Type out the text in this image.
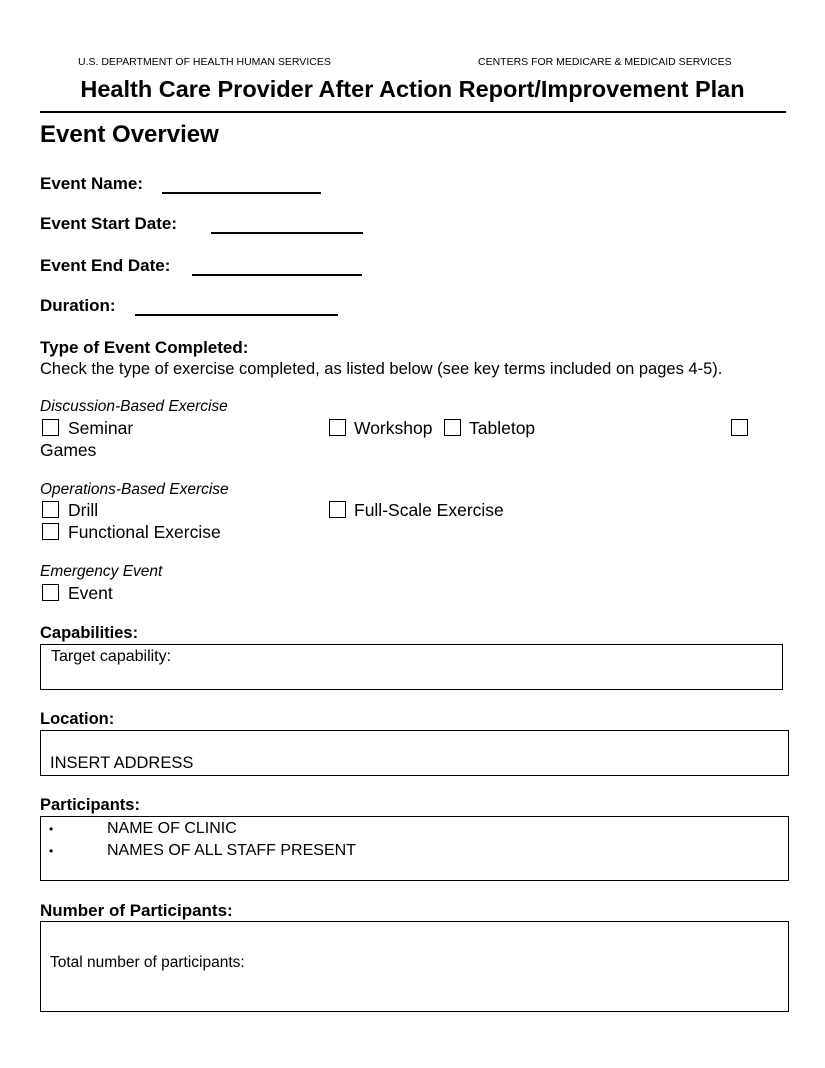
U.S. DEPARTMENT OF HEALTH HUMAN SERVICES	CENTERS FOR MEDICARE & MEDICAID SERVICES
Health Care Provider After Action Report/Improvement Plan
Event Overview
Event Name:
Event Start Date:
Event End Date:
Duration:
Type of Event Completed:
Check the type of exercise completed, as listed below (see key terms included on pages 4-5).
Discussion-Based Exercise
Seminar	Workshop Tabletop
Games
Operations-Based Exercise
Drill	Full-Scale Exercise
Functional Exercise
Emergency Event
Event
Capabilities:
Target capability:
Location:
INSERT ADDRESS
Participants:
•	NAME OF CLINIC
•	NAMES OF ALL STAFF PRESENT
Number of Participants:
Total number of participants:
